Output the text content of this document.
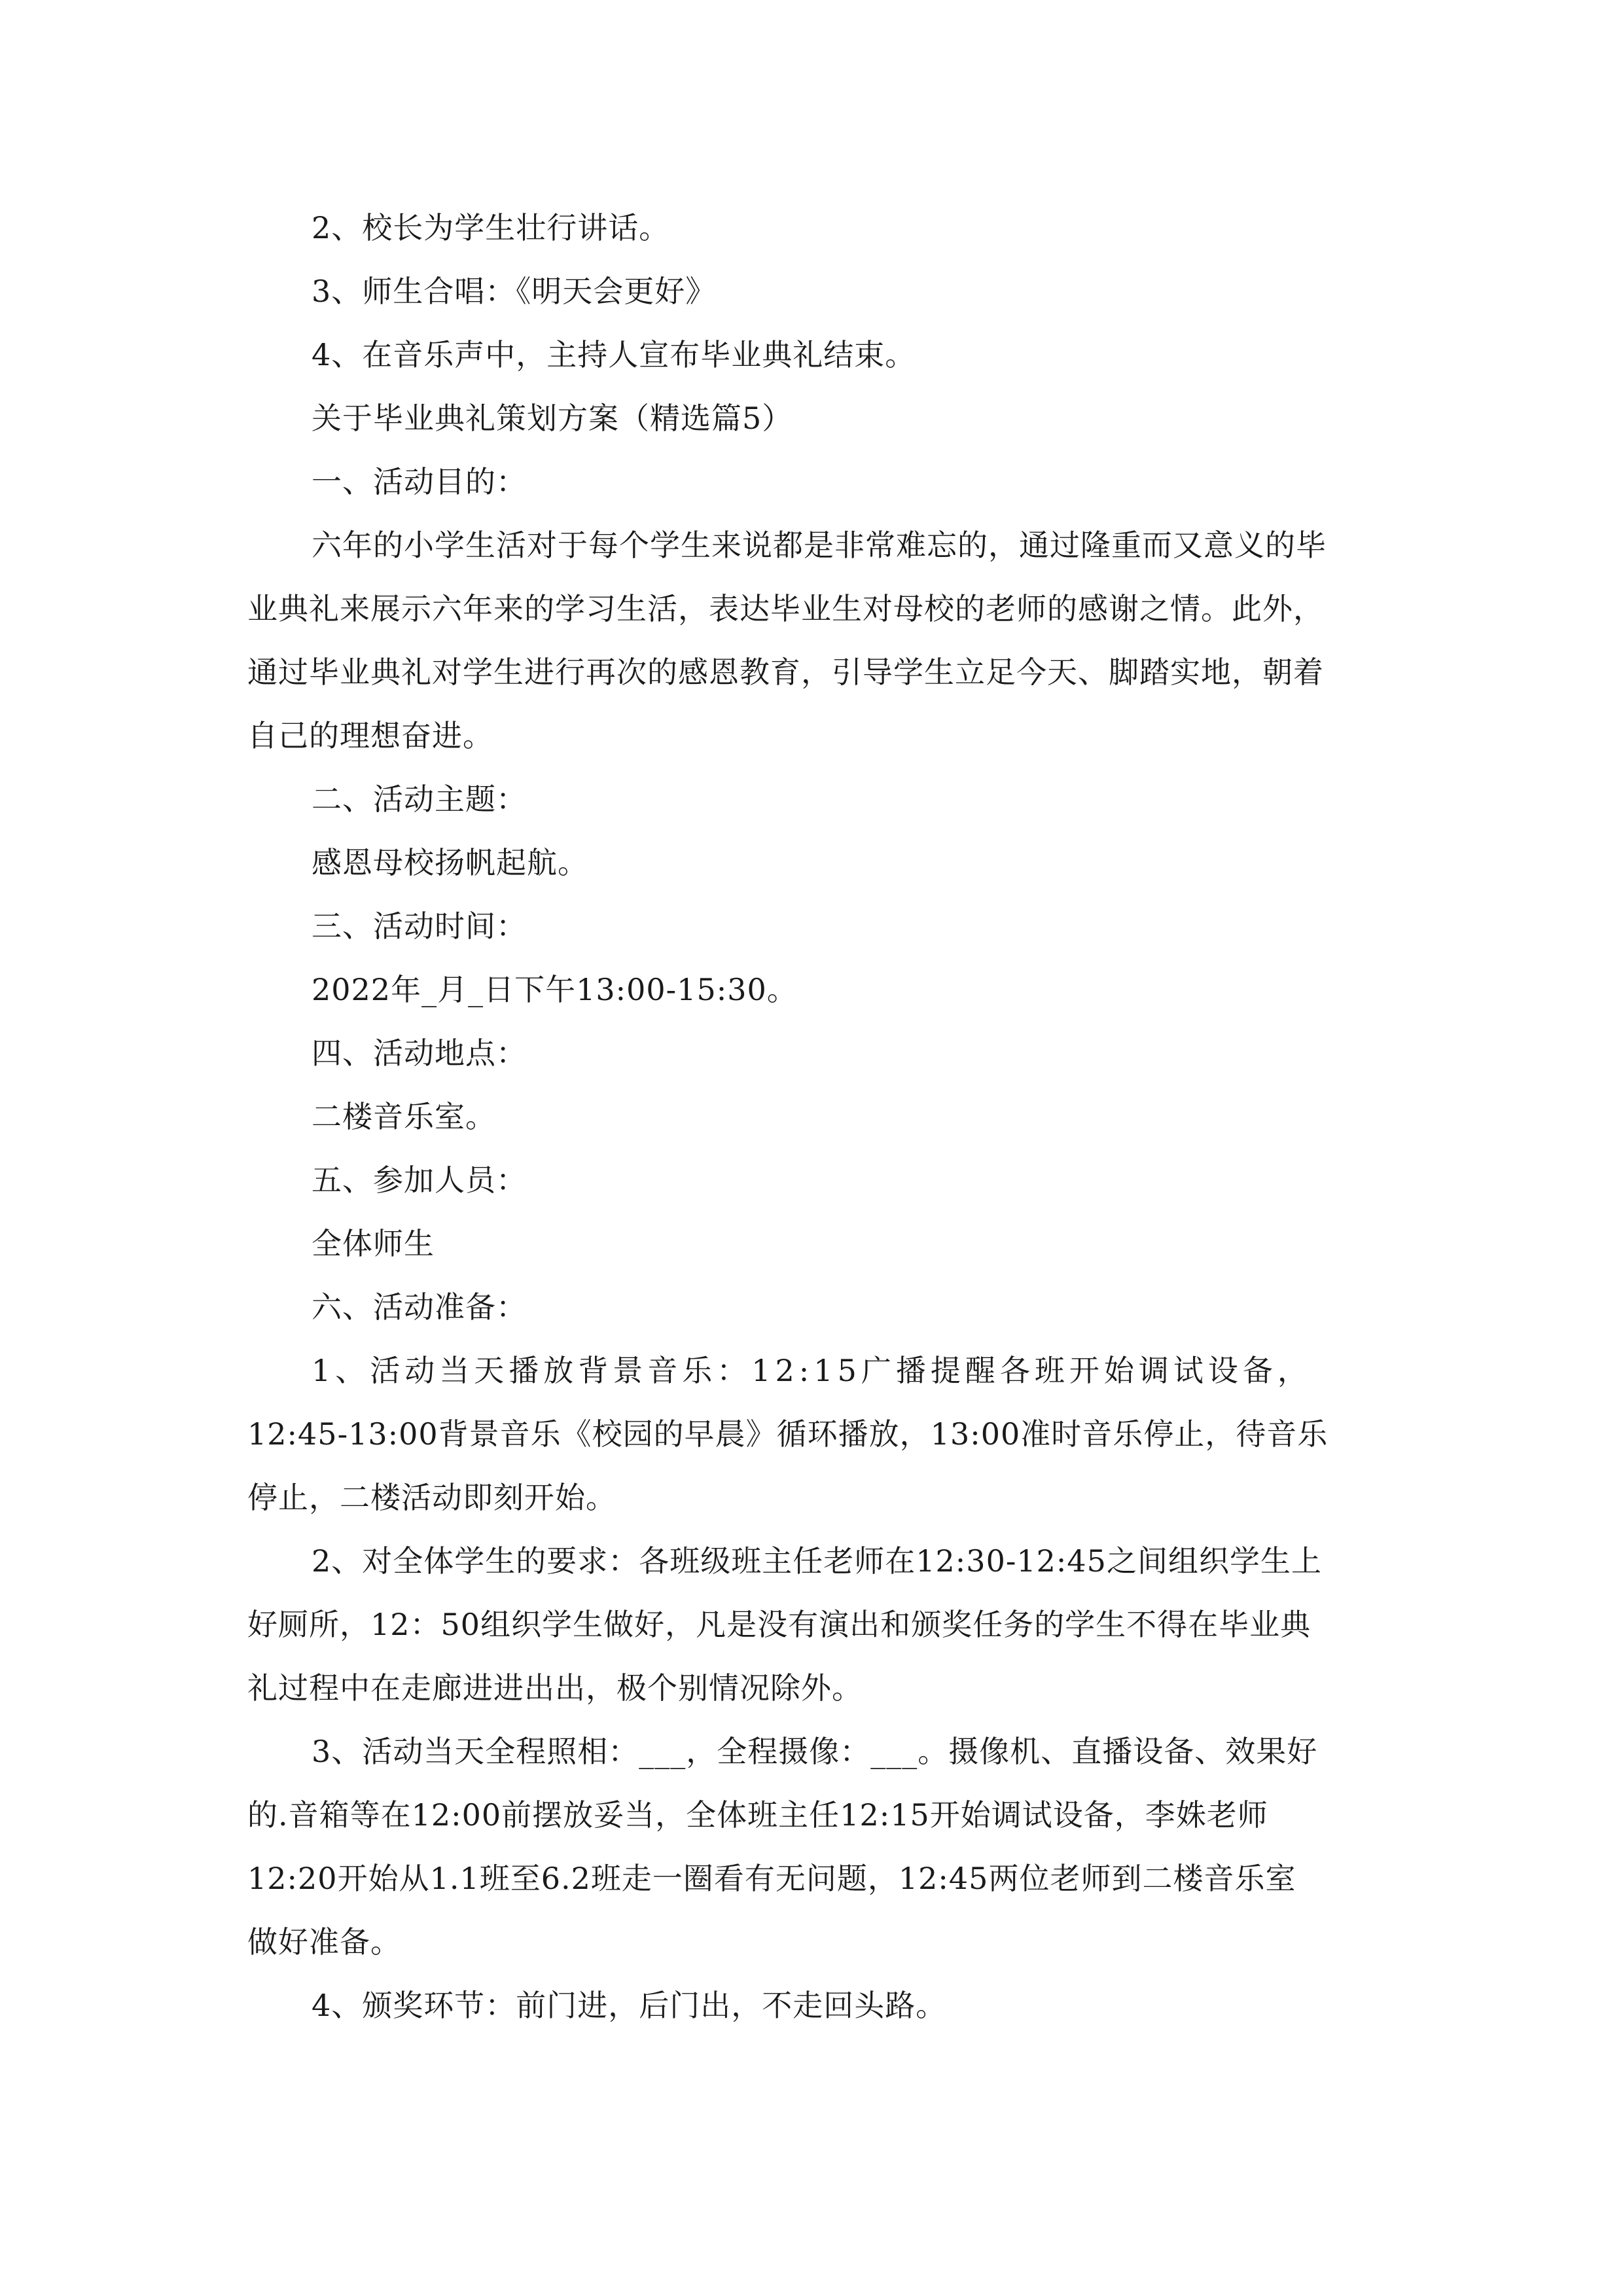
2、校长为学生壮行讲话。

3、师生合唱：《明天会更好》

4、在音乐声中，主持人宣布毕业典礼结束。

关于毕业典礼策划方案（精选篇5）

一、活动目的：

六年的小学生活对于每个学生来说都是非常难忘的，通过隆重而又意义的毕

业典礼来展示六年来的学习生活，表达毕业生对母校的老师的感谢之情。此外，

通过毕业典礼对学生进行再次的感恩教育，引导学生立足今天、脚踏实地，朝着

自己的理想奋进。

二、活动主题：

感恩母校扬帆起航。

三、活动时间：

2022年_月_日下午13:00-15:30。

四、活动地点：

二楼音乐室。

五、参加人员：

全体师生

六、活动准备：

1、活动当天播放背景音乐：12:15广播提醒各班开始调试设备，

12:45-13:00背景音乐《校园的早晨》循环播放，13:00准时音乐停止，待音乐

停止，二楼活动即刻开始。

2、对全体学生的要求：各班级班主任老师在12:30-12:45之间组织学生上

好厕所，12：50组织学生做好，凡是没有演出和颁奖任务的学生不得在毕业典

礼过程中在走廊进进出出，极个别情况除外。

3、活动当天全程照相：___，全程摄像：___。摄像机、直播设备、效果好

的.音箱等在12:00前摆放妥当，全体班主任12:15开始调试设备，李姝老师

12:20开始从1.1班至6.2班走一圈看有无问题，12:45两位老师到二楼音乐室

做好准备。

4、颁奖环节：前门进，后门出，不走回头路。
